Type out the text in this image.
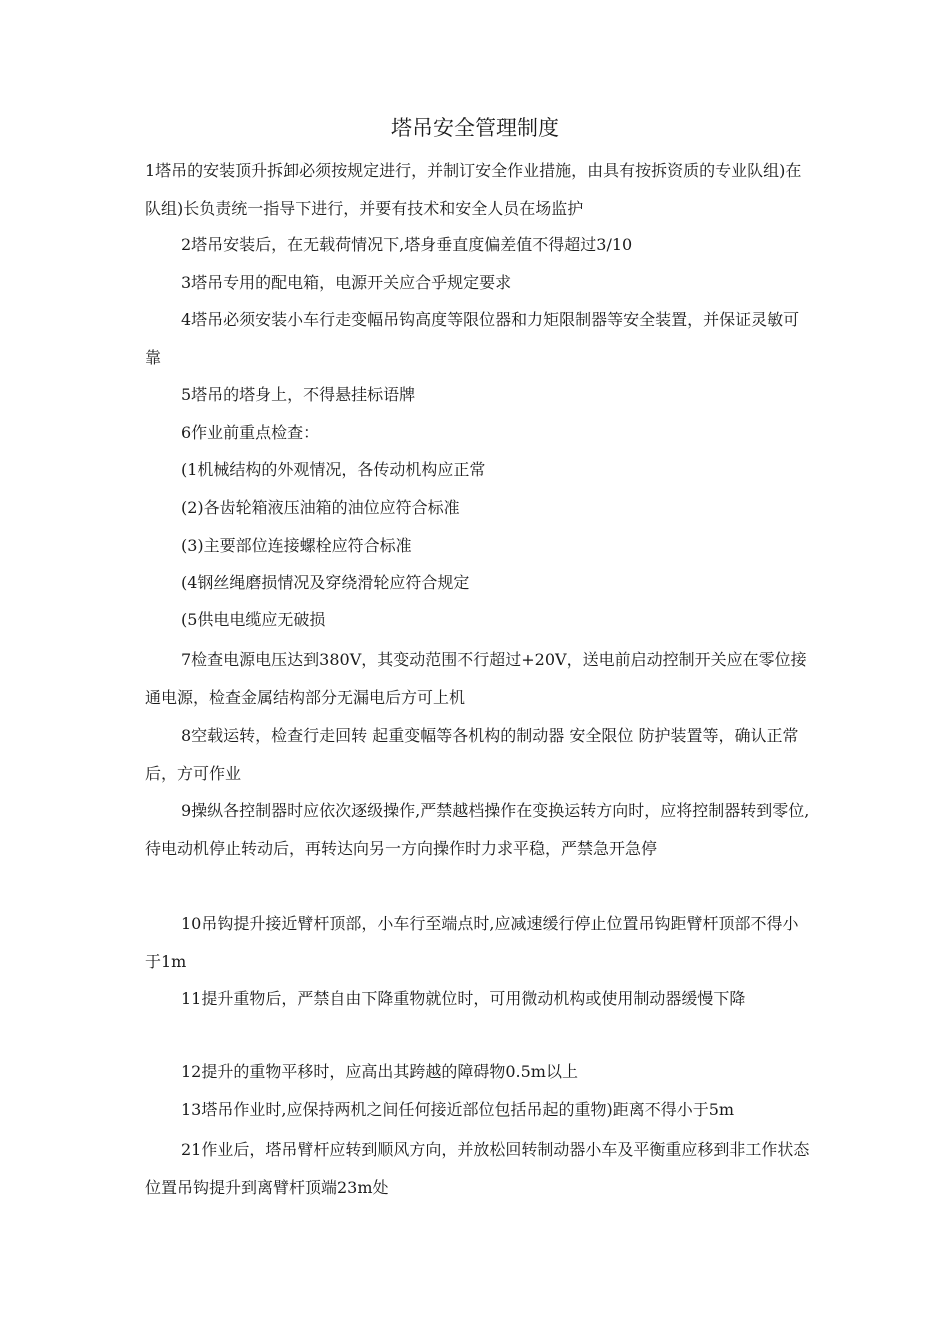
塔吊安全管理制度
1塔吊的安装顶升拆卸必须按规定进行，并制订安全作业措施，由具有按拆资质的专业队组)在队组)长负责统一指导下进行，并要有技术和安全人员在场监护
2塔吊安装后，在无载荷情况下,塔身垂直度偏差值不得超过3/10
3塔吊专用的配电箱，电源开关应合乎规定要求
4塔吊必须安装小车行走变幅吊钩高度等限位器和力矩限制器等安全装置，并保证灵敏可靠
5塔吊的塔身上，不得悬挂标语牌
6作业前重点检查：
(1机械结构的外观情况，各传动机构应正常
(2)各齿轮箱液压油箱的油位应符合标准
(3)主要部位连接螺栓应符合标准
(4钢丝绳磨损情况及穿绕滑轮应符合规定
(5供电电缆应无破损
7检查电源电压达到380V，其变动范围不行超过+20V，送电前启动控制开关应在零位接通电源，检查金属结构部分无漏电后方可上机
8空载运转，检查行走回转 起重变幅等各机构的制动器 安全限位 防护装置等，确认正常后，方可作业
9操纵各控制器时应依次逐级操作,严禁越档操作在变换运转方向时，应将控制器转到零位,待电动机停止转动后，再转达向另一方向操作时力求平稳，严禁急开急停
10吊钩提升接近臂杆顶部，小车行至端点时,应减速缓行停止位置吊钩距臂杆顶部不得小于1m
11提升重物后，严禁自由下降重物就位时，可用微动机构或使用制动器缓慢下降
12提升的重物平移时，应高出其跨越的障碍物0.5m以上
13塔吊作业时,应保持两机之间任何接近部位包括吊起的重物)距离不得小于5m
21作业后，塔吊臂杆应转到顺风方向，并放松回转制动器小车及平衡重应移到非工作状态位置吊钩提升到离臂杆顶端23m处
